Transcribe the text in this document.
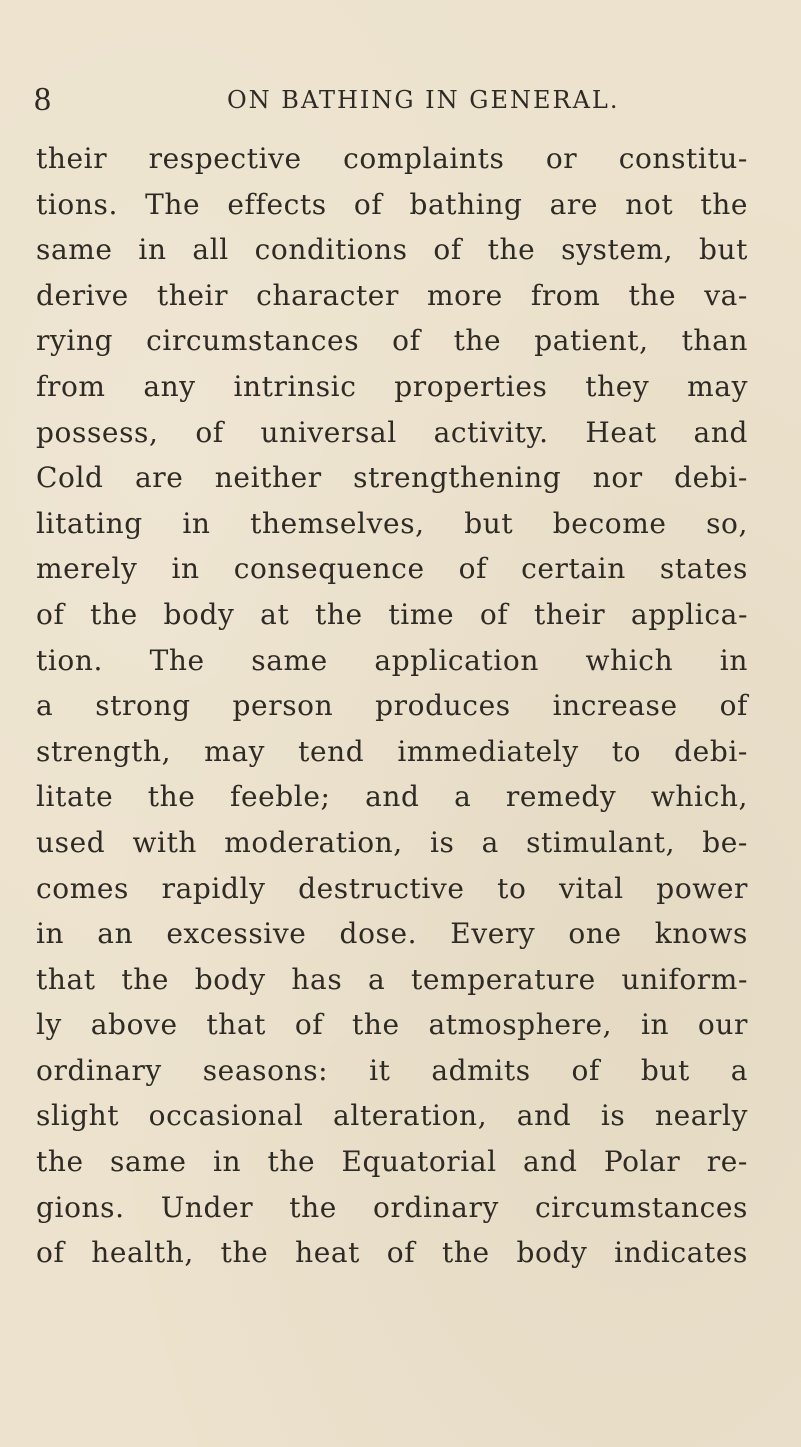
8	ON BATHING IN GENERAL.
their respective complaints or constitu-
tions. The effects of bathing are not the
same in all conditions of the system, but
derive their character more from the va-
rying circumstances of the patient, than
from any intrinsic properties they may
possess, of universal activity. Heat and
Cold are neither strengthening nor debi-
litating in themselves, but become so,
merely in consequence of certain states
of the body at the time of their applica-
tion. The same application which in
a strong person produces increase of
strength, may tend immediately to debi-
litate the feeble; and a remedy which,
used with moderation, is a stimulant, be-
comes rapidly destructive to vital power
in an excessive dose. Every one knows
that the body has a temperature uniform-
ly above that of the atmosphere, in our
ordinary seasons: it admits of but a
slight occasional alteration, and is nearly
the same in the Equatorial and Polar re-
gions. Under the ordinary circumstances
of health, the heat of the body indicates
